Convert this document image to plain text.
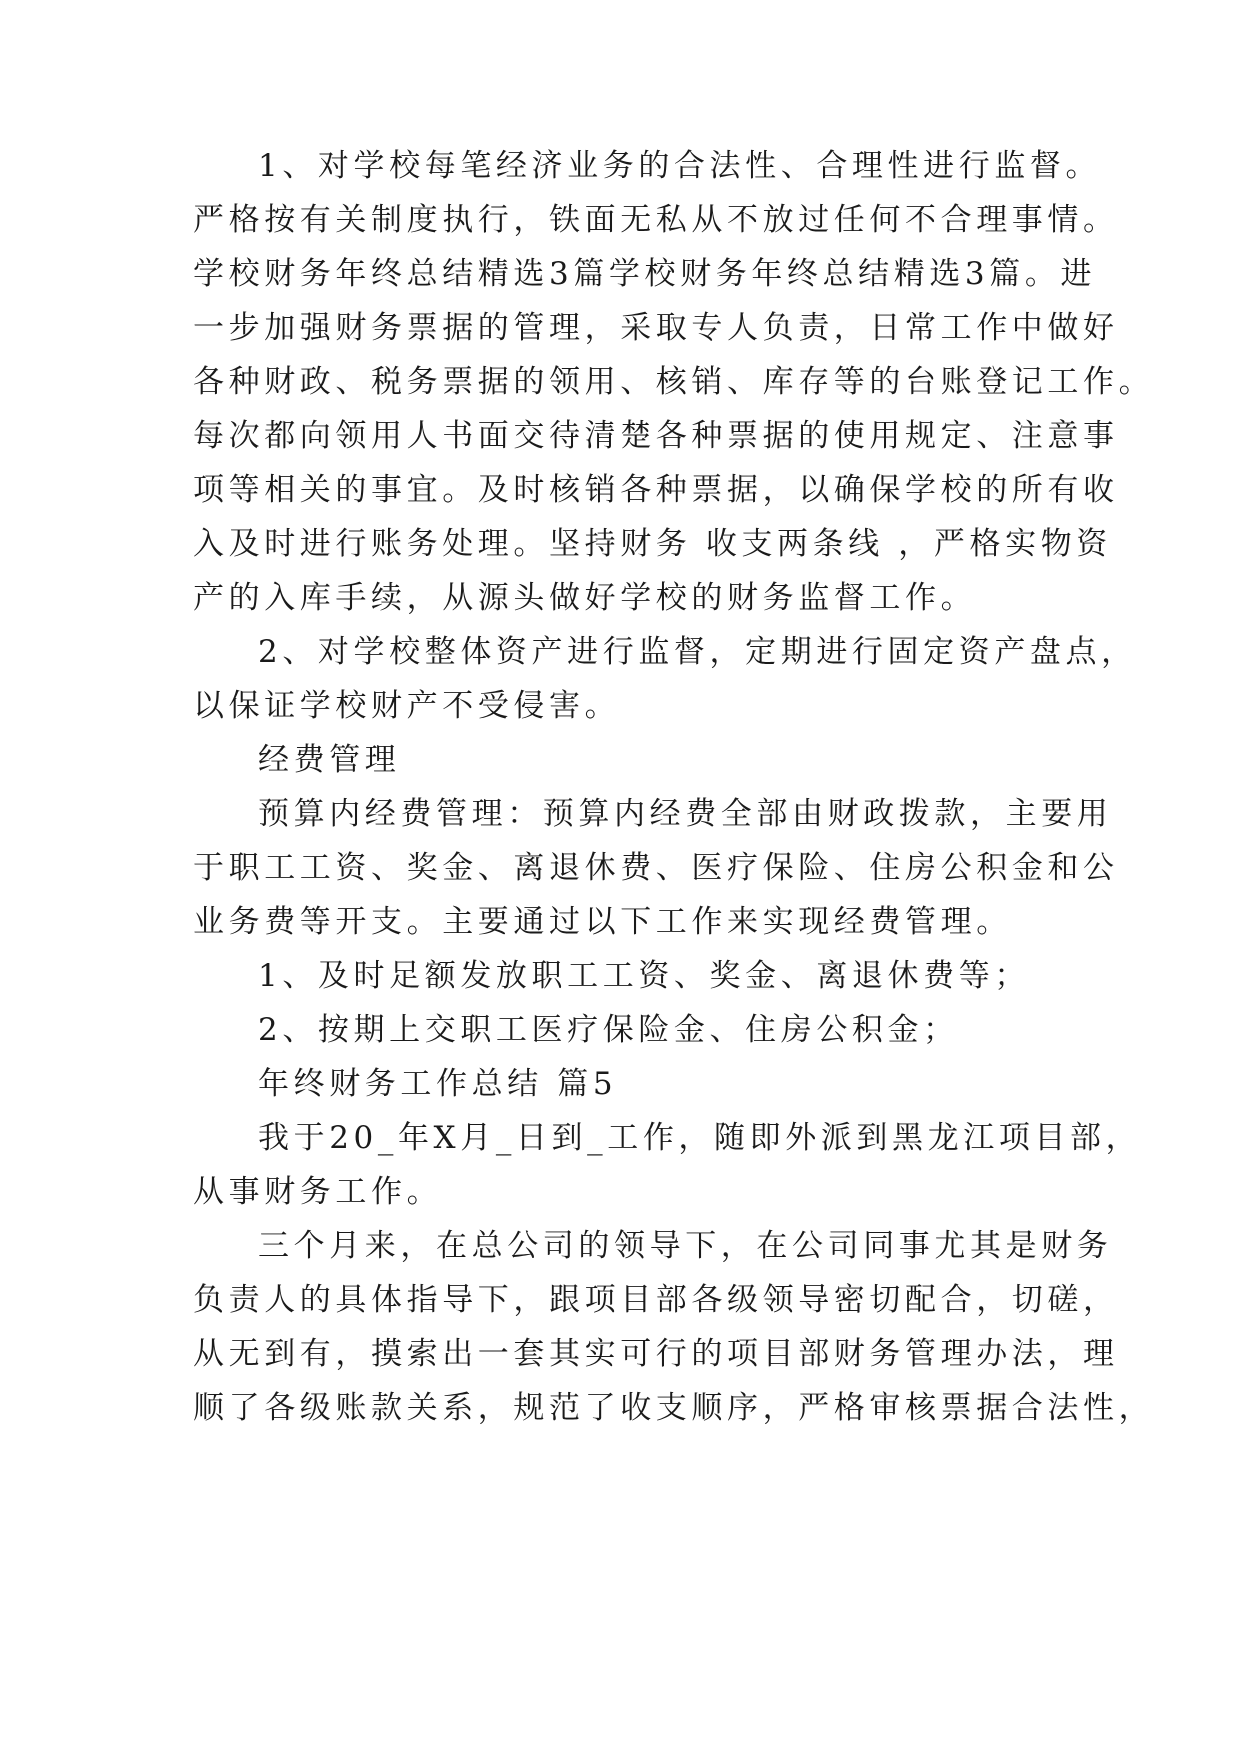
1、对学校每笔经济业务的合法性、合理性进行监督。
严格按有关制度执行，铁面无私从不放过任何不合理事情。
学校财务年终总结精选3篇学校财务年终总结精选3篇。进
一步加强财务票据的管理，采取专人负责，日常工作中做好
各种财政、税务票据的领用、核销、库存等的台账登记工作。
每次都向领用人书面交待清楚各种票据的使用规定、注意事
项等相关的事宜。及时核销各种票据，以确保学校的所有收
入及时进行账务处理。坚持财务 收支两条线 ，严格实物资
产的入库手续，从源头做好学校的财务监督工作。
2、对学校整体资产进行监督，定期进行固定资产盘点，
以保证学校财产不受侵害。
经费管理
预算内经费管理：预算内经费全部由财政拨款，主要用
于职工工资、奖金、离退休费、医疗保险、住房公积金和公
业务费等开支。主要通过以下工作来实现经费管理。
1、及时足额发放职工工资、奖金、离退休费等；
2、按期上交职工医疗保险金、住房公积金；
年终财务工作总结 篇5
我于20_年X月_日到_工作，随即外派到黑龙江项目部，
从事财务工作。
三个月来，在总公司的领导下，在公司同事尤其是财务
负责人的具体指导下，跟项目部各级领导密切配合，切磋，
从无到有，摸索出一套其实可行的项目部财务管理办法，理
顺了各级账款关系，规范了收支顺序，严格审核票据合法性，
